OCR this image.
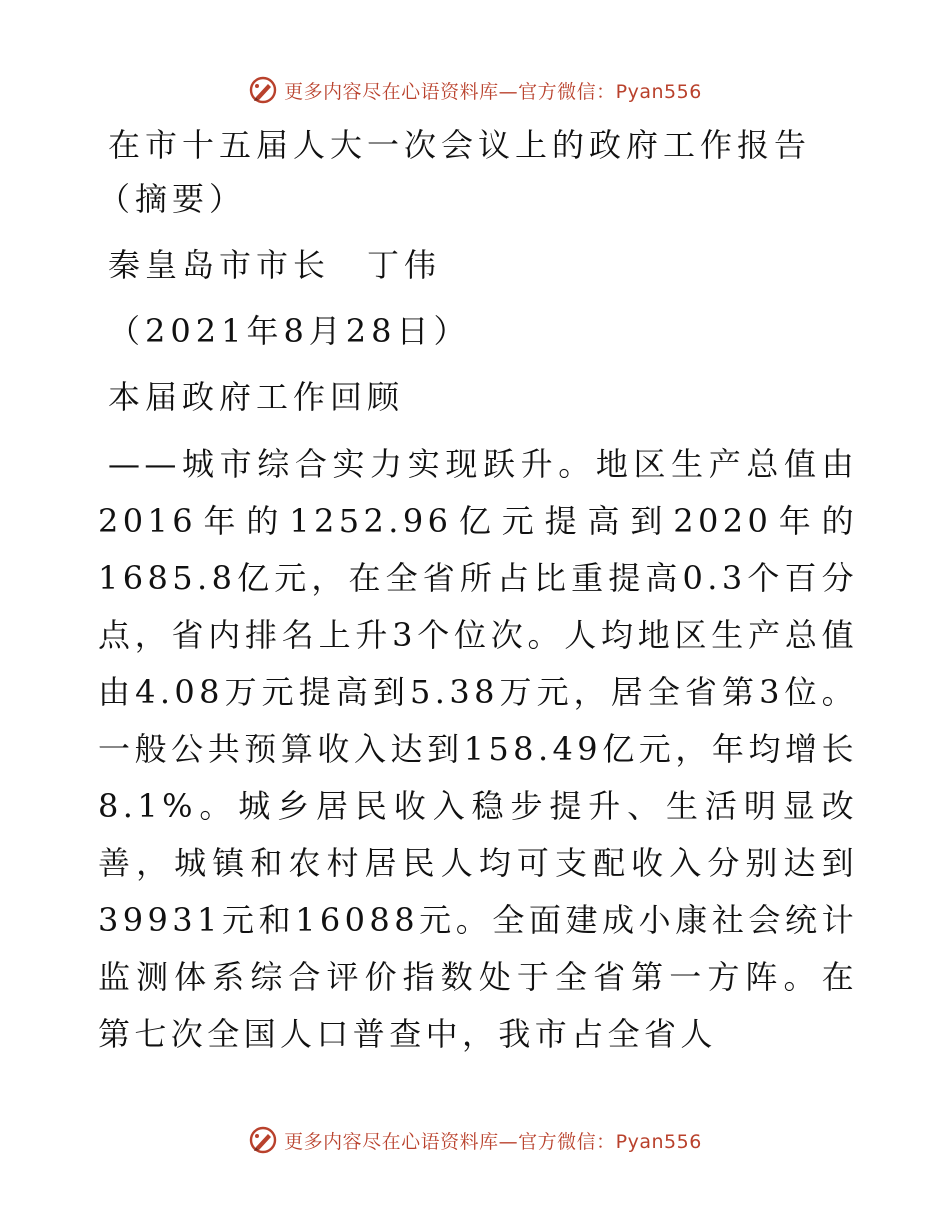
更多内容尽在心语资料库—官方微信：Pyan556
在市十五届人大一次会议上的政府工作报告（摘要）
秦皇岛市市长　丁伟
（2021年8月28日）
本届政府工作回顾

——城市综合实力实现跃升。地区生产总值由2016年的1252.96亿元提高到2020年的1685.8亿元，在全省所占比重提高0.3个百分点，省内排名上升3个位次。人均地区生产总值由4.08万元提高到5.38万元，居全省第3位。一般公共预算收入达到158.49亿元，年均增长8.1%。城乡居民收入稳步提升、生活明显改善，城镇和农村居民人均可支配收入分别达到39931元和16088元。全面建成小康社会统计监测体系综合评价指数处于全省第一方阵。在第七次全国人口普查中，我市占全省人

更多内容尽在心语资料库—官方微信：Pyan556
